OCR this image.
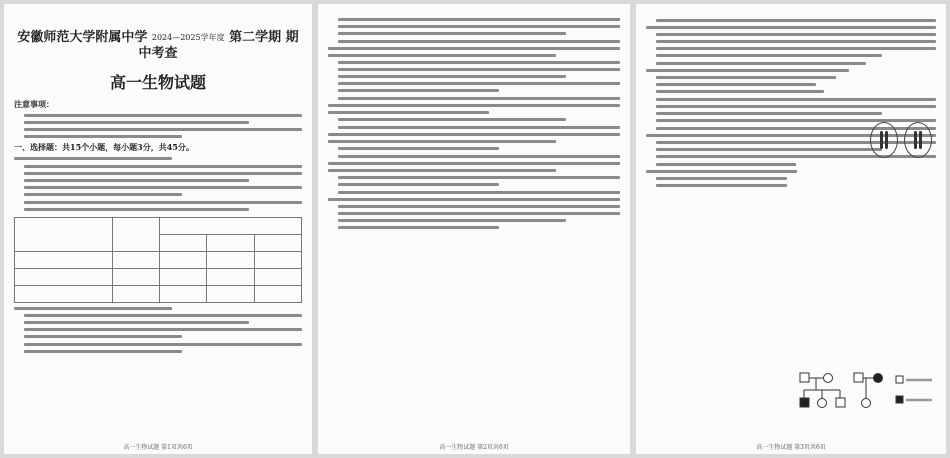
安徽师范大学附属中学 $^{2024—2025学年度}$ 第二学期 期中考查
高一生物试题
注意事项：
一、选择题：共15个小题，每小题3分，共45分。

高一生物试题 第1页共6页	高一生物试题 第2页共6页	高一生物试题 第3页共6页
